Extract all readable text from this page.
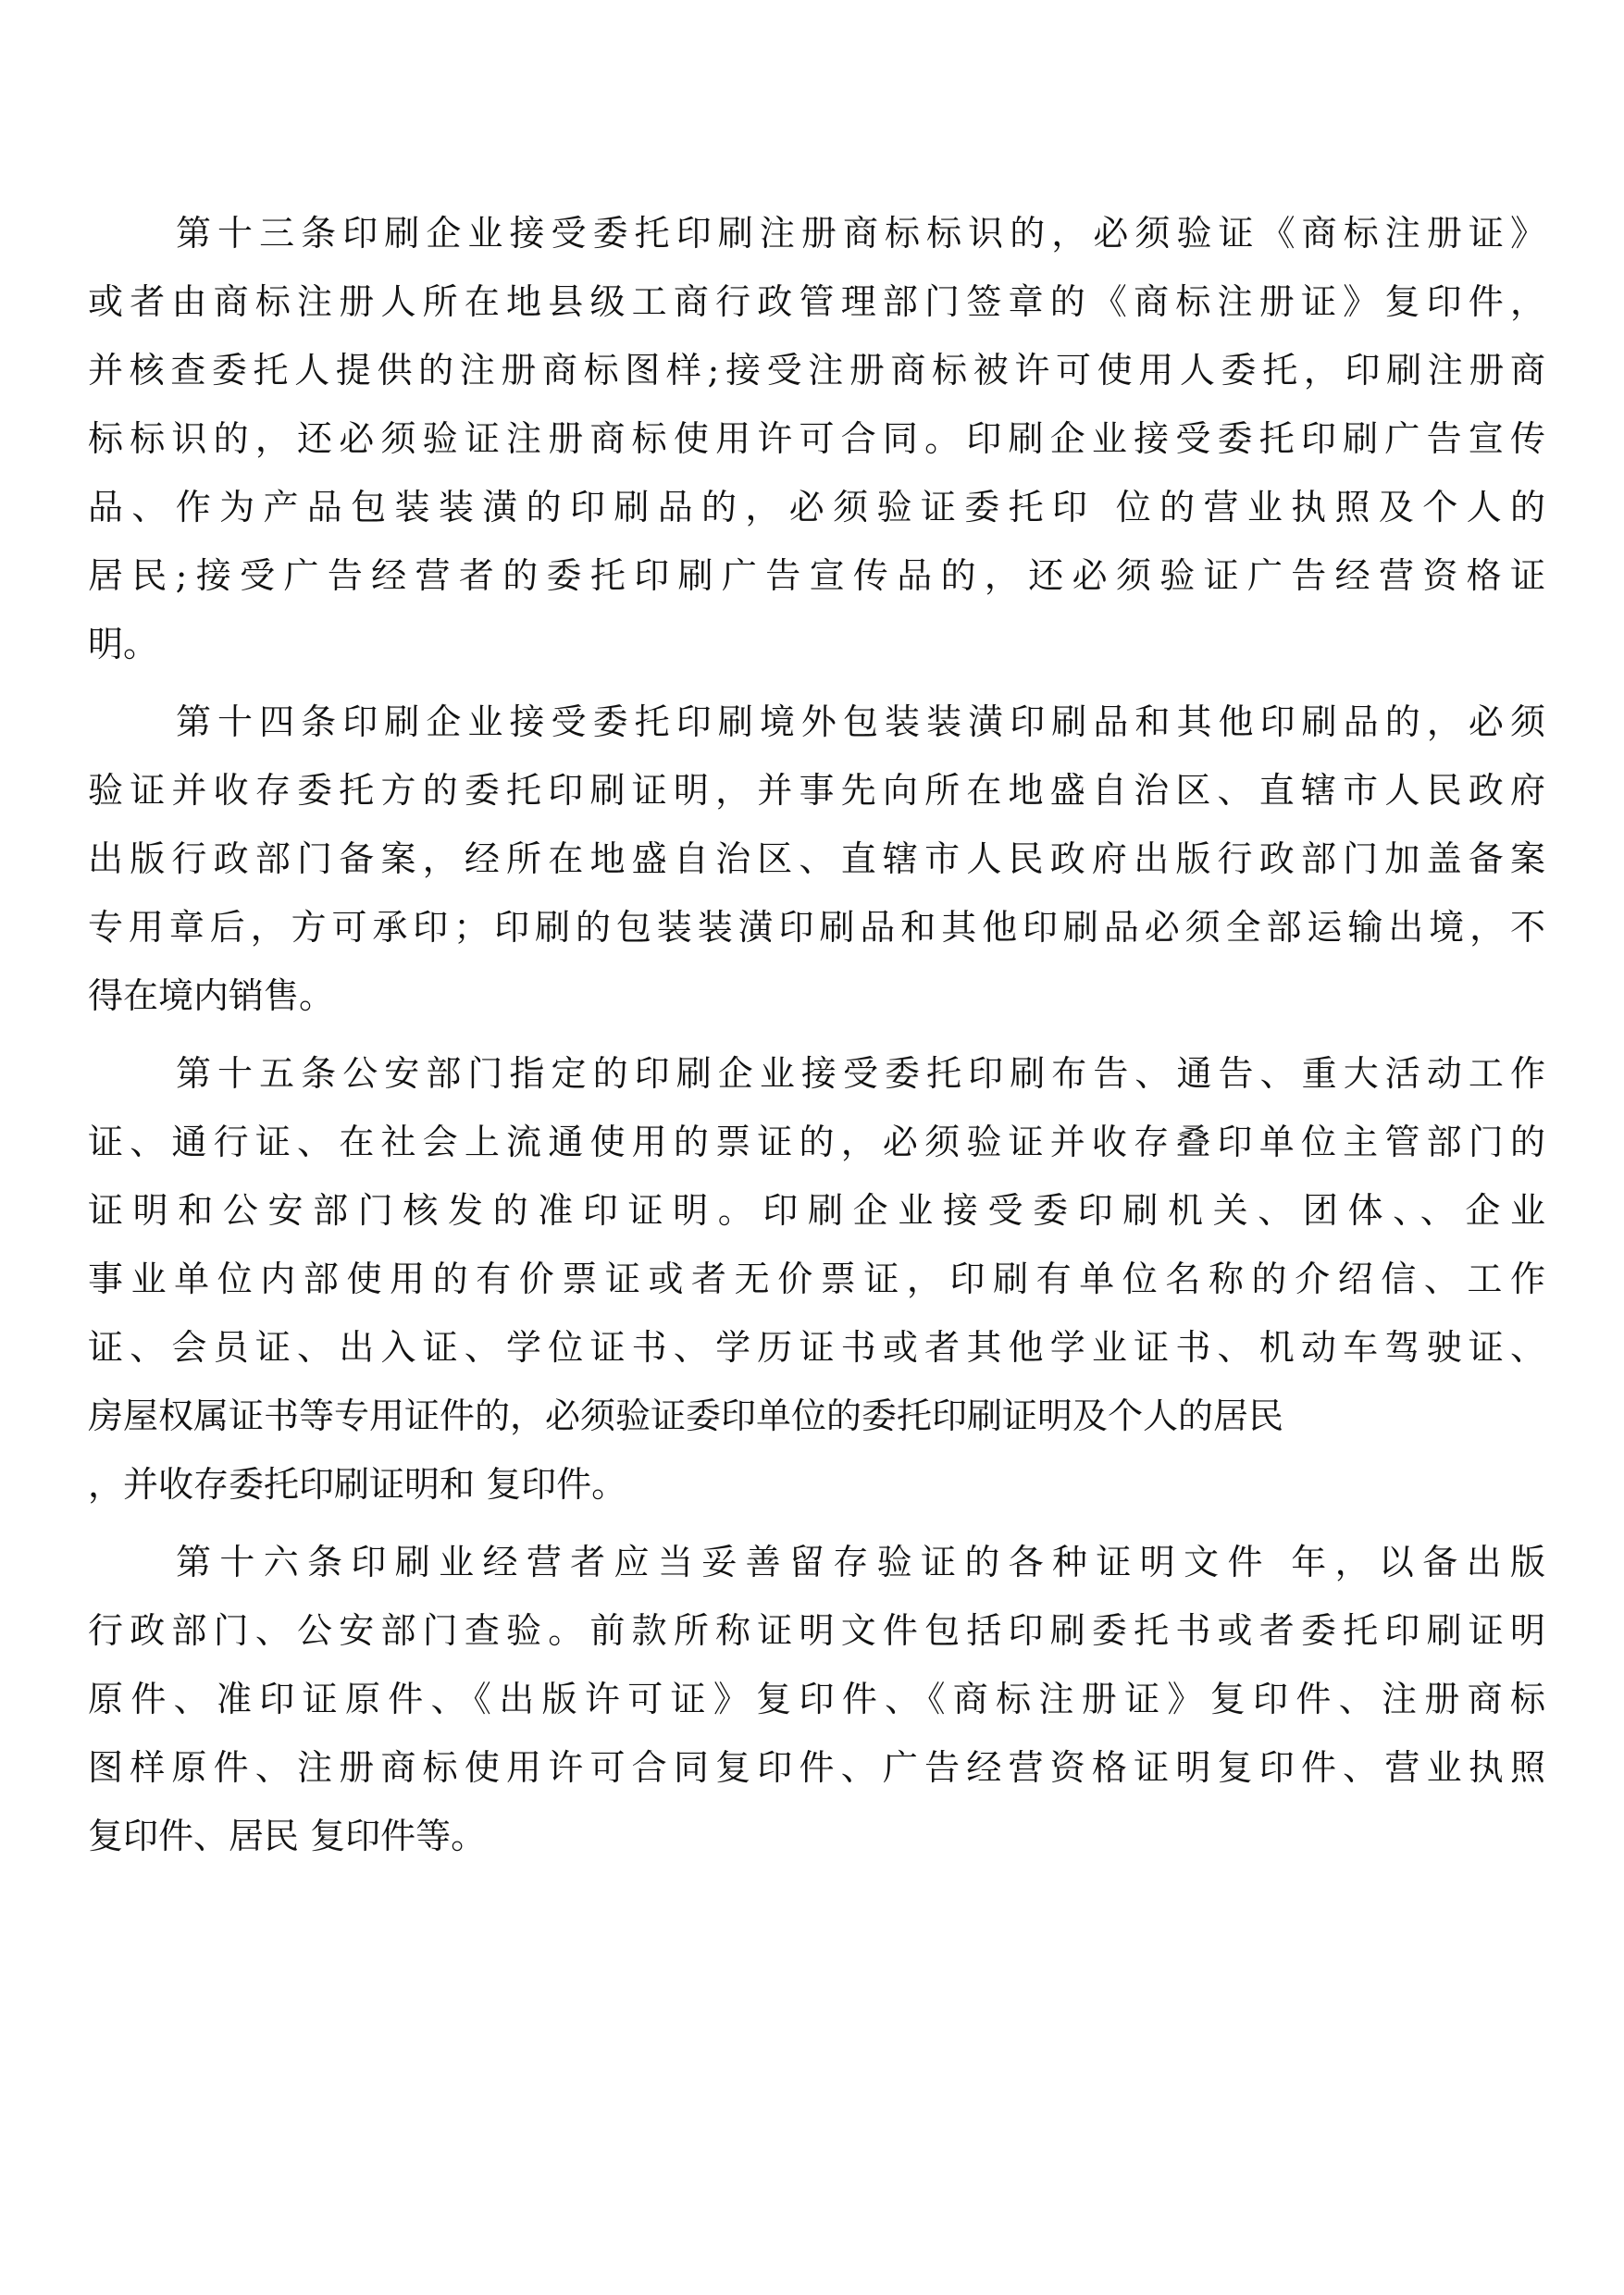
第十三条印刷企业接受委托印刷注册商标标识的，必须验证《商标注册证》
或者由商标注册人所在地县级工商行政管理部门签章的《商标注册证》复印件，
并核查委托人提供的注册商标图样;接受注册商标被许可使用人委托，印刷注册商
标标识的，还必须验证注册商标使用许可合同。印刷企业接受委托印刷广告宣传
品、作为产品包装装潢的印刷品的，必须验证委托印 位的营业执照及个人的
居民;接受广告经营者的委托印刷广告宣传品的，还必须验证广告经营资格证
明。
第十四条印刷企业接受委托印刷境外包装装潢印刷品和其他印刷品的，必须
验证并收存委托方的委托印刷证明，并事先向所在地盛自治区、直辖市人民政府
出版行政部门备案，经所在地盛自治区、直辖市人民政府出版行政部门加盖备案
专用章后，方可承印；印刷的包装装潢印刷品和其他印刷品必须全部运输出境，不
得在境内销售。
第十五条公安部门指定的印刷企业接受委托印刷布告、通告、重大活动工作
证、通行证、在社会上流通使用的票证的，必须验证并收存叠印单位主管部门的
证明和公安部门核发的准印证明。印刷企业接受委印刷机关、团体、、企业
事业单位内部使用的有价票证或者无价票证，印刷有单位名称的介绍信、工作
证、会员证、出入证、学位证书、学历证书或者其他学业证书、机动车驾驶证、
房屋权属证书等专用证件的，必须验证委印单位的委托印刷证明及个人的居民
，并收存委托印刷证明和 复印件。
第十六条印刷业经营者应当妥善留存验证的各种证明文件 年，以备出版
行政部门、公安部门查验。前款所称证明文件包括印刷委托书或者委托印刷证明
原件、准印证原件、《出版许可证》复印件、《商标注册证》复印件、注册商标
图样原件、注册商标使用许可合同复印件、广告经营资格证明复印件、营业执照
复印件、居民 复印件等。
